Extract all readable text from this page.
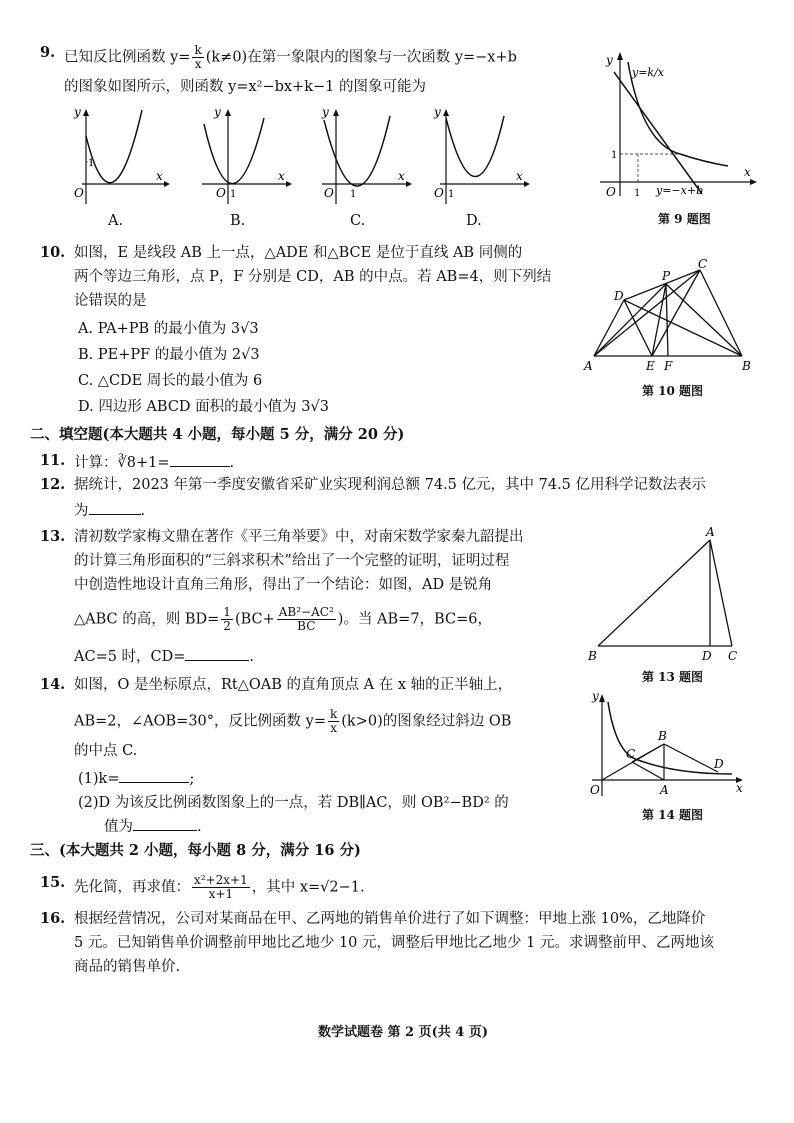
9. 已知反比例函数 $y= \frac{k}{x} (k\ne 0)$在第一象限内的图象与一次函数 y=−x+b
的图象如图所示，则函数 y=x²−bx+k−1 的图象可能为
y
x
O
1
A.
y
x
O 1
B.
y
x
O 1
C.
y
x
O 1
D.
y
x
O 1
1
y=k/x
y=−x+b
第 9 题图
10. 如图，E 是线段 AB 上一点，△ADE 和△BCE 是位于直线 AB 同侧的
两个等边三角形，点 P，F 分别是 CD，AB 的中点。若 AB=4，则下列结
论错误的是
A. PA+PB 的最小值为 3√3
B. PE+PF 的最小值为 2√3
C. △CDE 周长的最小值为 6
D. 四边形 ABCD 面积的最小值为 3√3
A	B
C
D
E F
P
第 10 题图
二、填空题(本大题共 4 小题，每小题 5 分，满分 20 分)
11. 计算：∛8+1=	.
12. 据统计，2023 年第一季度安徽省采矿业实现利润总额 74.5 亿元，其中 74.5 亿用科学记数法表示
为	.
13. 清初数学家梅文鼎在著作《平三角举要》中，对南宋数学家秦九韶提出
的计算三角形面积的“三斜求积术”给出了一个完整的证明，证明过程
中创造性地设计直角三角形，得出了一个结论：如图，AD 是锐角
△ABC 的高，则 $BD= \frac{1}{2} (BC+ \frac{\text{AB²−AC²}}{BC}$ )。当 AB=7，BC=6，
AC=5 时，CD=	.
A
B	D C
第 13 题图
14. 如图，O 是坐标原点，Rt△OAB 的直角顶点 A 在 x 轴的正半轴上，
AB=2，∠AOB=30°，反比例函数 $y= \frac{k}{x} (k>0)$的图象经过斜边 OB
的中点 C.
(1)k=	;
(2)D 为该反比例函数图象上的一点，若 DB∥AC，则 OB²−BD² 的
值为	.
y
x
O	A
B
C
D
第 14 题图
三、(本大题共 2 小题，每小题 8 分，满分 16 分)
15. 先化简，再求值： $\frac{\text{x²+2x+1}}{x+1}$ ，其中 x=√2−1.
16. 根据经营情况，公司对某商品在甲、乙两地的销售单价进行了如下调整：甲地上涨 10%，乙地降价
5 元。已知销售单价调整前甲地比乙地少 10 元，调整后甲地比乙地少 1 元。求调整前甲、乙两地该
商品的销售单价.
数学试题卷 第 2 页(共 4 页)
